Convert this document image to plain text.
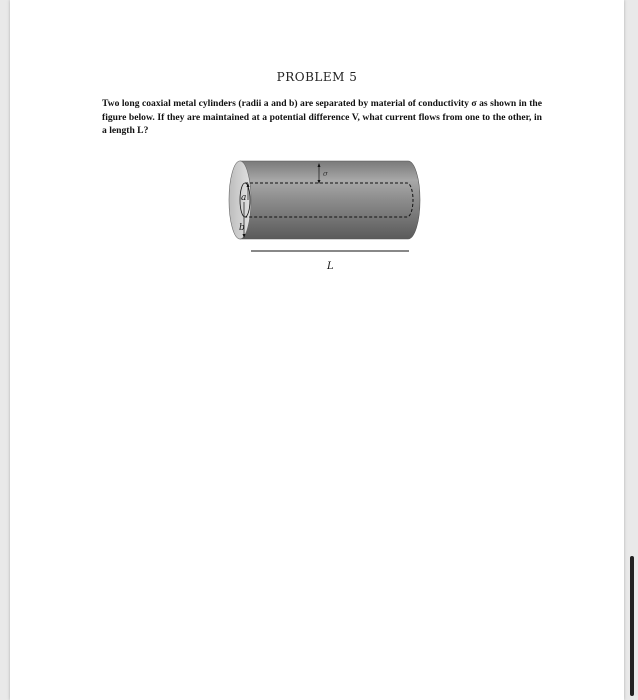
PROBLEM 5
Two long coaxial metal cylinders (radii a and b) are separated by material of conductivity σ as shown in the figure below. If they are maintained at a potential difference V, what current flows from one to the other, in a length L?
a
b
σ
L
